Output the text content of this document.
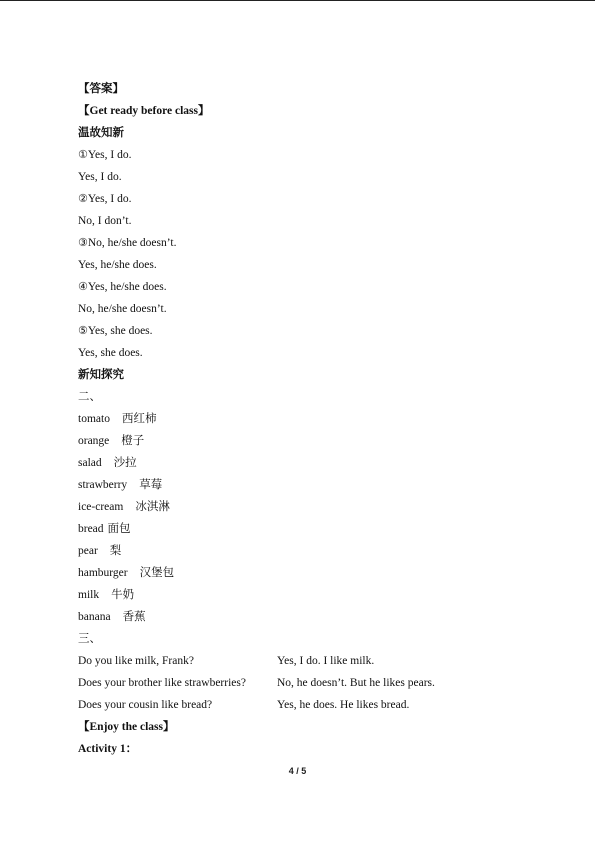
【答案】
【Get ready before class】
温故知新
①Yes, I do.
Yes, I do.
②Yes, I do.
No, I don’t.
③No, he/she doesn’t.
Yes, he/she does.
④Yes, he/she does.
No, he/she doesn’t.
⑤Yes, she does.
Yes, she does.
新知探究
二、
tomato 西红柿
orange 橙子
salad 沙拉
strawberry 草莓
ice-cream 冰淇淋
bread 面包
pear 梨
hamburger 汉堡包
milk 牛奶
banana 香蕉
三、
Do you like milk, Frank?	Yes, I do. I like milk.
Does your brother like strawberries?	No, he doesn’t. But he likes pears.
Does your cousin like bread?	Yes, he does. He likes bread.
【Enjoy the class】
Activity 1：
4 / 5
